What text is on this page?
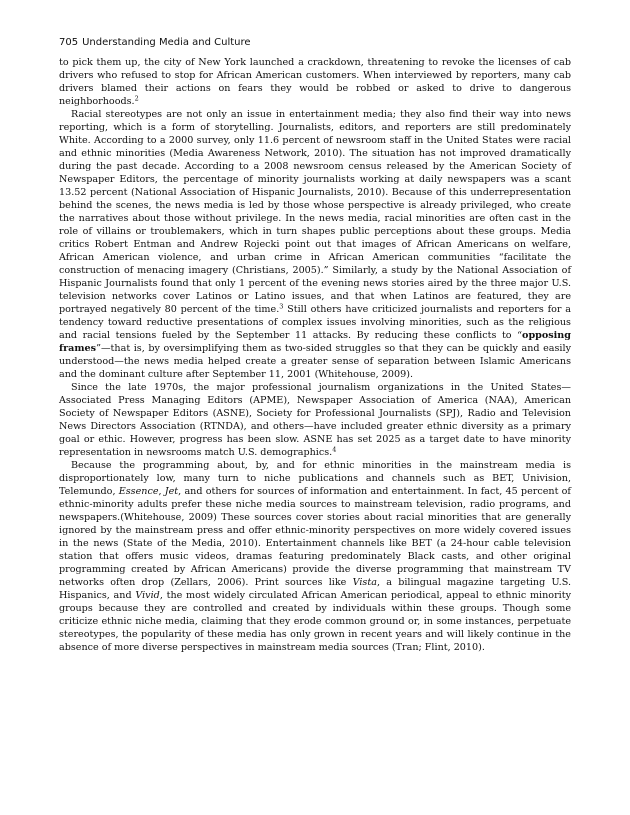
705 Understanding Media and Culture

to pick them up, the city of New York launched a crackdown, threatening to revoke the licenses of cab drivers who refused to stop for African American customers. When interviewed by reporters, many cab drivers blamed their actions on fears they would be robbed or asked to drive to dangerous neighborhoods.$^2$

Racial stereotypes are not only an issue in entertainment media; they also find their way into news reporting, which is a form of storytelling. Journalists, editors, and reporters are still predominately White. According to a 2000 survey, only 11.6 percent of newsroom staff in the United States were racial and ethnic minorities (Media Awareness Network, 2010). The situation has not improved dramatically during the past decade. According to a 2008 newsroom census released by the American Society of Newspaper Editors, the percentage of minority journalists working at daily newspapers was a scant 13.52 percent (National Association of Hispanic Journalists, 2010). Because of this underrepresentation behind the scenes, the news media is led by those whose perspective is already privileged, who create the narratives about those without privilege. In the news media, racial minorities are often cast in the role of villains or troublemakers, which in turn shapes public perceptions about these groups. Media critics Robert Entman and Andrew Rojecki point out that images of African Americans on welfare, African American violence, and urban crime in African American communities “facilitate the construction of menacing imagery (Christians, 2005).” Similarly, a study by the National Association of Hispanic Journalists found that only 1 percent of the evening news stories aired by the three major U.S. television networks cover Latinos or Latino issues, and that when Latinos are featured, they are portrayed negatively 80 percent of the time.$^3$ Still others have criticized journalists and reporters for a tendency toward reductive presentations of complex issues involving minorities, such as the religious and racial tensions fueled by the September 11 attacks. By reducing these conflicts to “opposing frames”—that is, by oversimplifying them as two-sided struggles so that they can be quickly and easily understood—the news media helped create a greater sense of separation between Islamic Americans and the dominant culture after September 11, 2001 (Whitehouse, 2009).

Since the late 1970s, the major professional journalism organizations in the United States—Associated Press Managing Editors (APME), Newspaper Association of America (NAA), American Society of Newspaper Editors (ASNE), Society for Professional Journalists (SPJ), Radio and Television News Directors Association (RTNDA), and others—have included greater ethnic diversity as a primary goal or ethic. However, progress has been slow. ASNE has set 2025 as a target date to have minority representation in newsrooms match U.S. demographics.$^4$

Because the programming about, by, and for ethnic minorities in the mainstream media is disproportionately low, many turn to niche publications and channels such as BET, Univision, Telemundo, Essence, Jet, and others for sources of information and entertainment. In fact, 45 percent of ethnic-minority adults prefer these niche media sources to mainstream television, radio programs, and newspapers.(Whitehouse, 2009) These sources cover stories about racial minorities that are generally ignored by the mainstream press and offer ethnic-minority perspectives on more widely covered issues in the news (State of the Media, 2010). Entertainment channels like BET (a 24-hour cable television station that offers music videos, dramas featuring predominately Black casts, and other original programming created by African Americans) provide the diverse programming that mainstream TV networks often drop (Zellars, 2006). Print sources like Vista, a bilingual magazine targeting U.S. Hispanics, and Vivid, the most widely circulated African American periodical, appeal to ethnic minority groups because they are controlled and created by individuals within these groups. Though some criticize ethnic niche media, claiming that they erode common ground or, in some instances, perpetuate stereotypes, the popularity of these media has only grown in recent years and will likely continue in the absence of more diverse perspectives in mainstream media sources (Tran; Flint, 2010).
